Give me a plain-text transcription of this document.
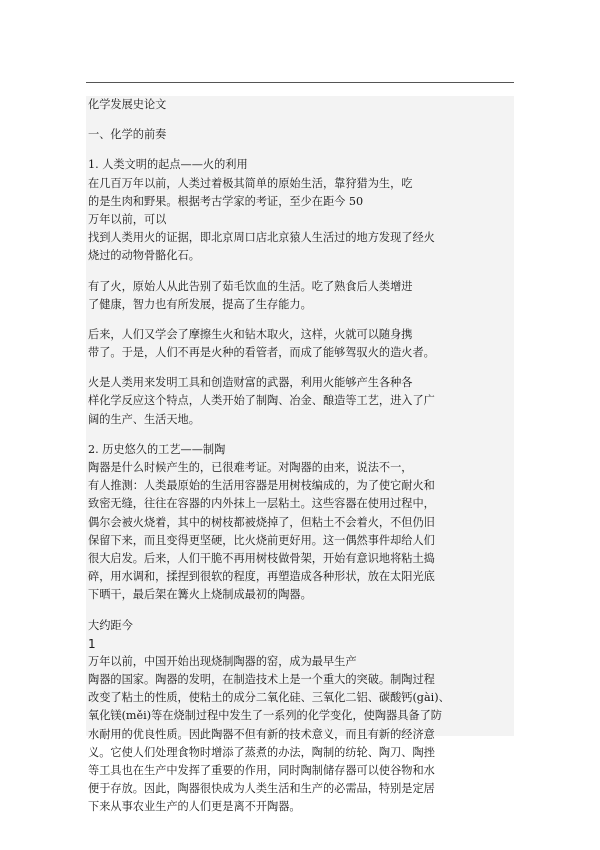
化学发展史论文
一、化学的前奏
1. 人类文明的起点——火的利用
在几百万年以前，人类过着极其简单的原始生活，靠狩猎为生，吃
的是生肉和野果。根据考古学家的考证，至少在距今 50
万年以前，可以
找到人类用火的证据，即北京周口店北京猿人生活过的地方发现了经火
烧过的动物骨骼化石。
有了火，原始人从此告别了茹毛饮血的生活。吃了熟食后人类增进
了健康，智力也有所发展，提高了生存能力。
后来，人们又学会了摩擦生火和钻木取火，这样，火就可以随身携
带了。于是，人们不再是火种的看管者，而成了能够驾驭火的造火者。
火是人类用来发明工具和创造财富的武器，利用火能够产生各种各
样化学反应这个特点，人类开始了制陶、冶金、酿造等工艺，进入了广
阔的生产、生活天地。
2. 历史悠久的工艺——制陶
陶器是什么时候产生的，已很难考证。对陶器的由来，说法不一，
有人推测：人类最原始的生活用容器是用树枝编成的，为了使它耐火和
致密无缝，往往在容器的内外抹上一层粘土。这些容器在使用过程中，
偶尔会被火烧着，其中的树枝都被烧掉了，但粘土不会着火，不但仍旧
保留下来，而且变得更坚硬，比火烧前更好用。这一偶然事件却给人们
很大启发。后来，人们干脆不再用树枝做骨架，开始有意识地将粘土捣
碎，用水调和，揉捏到很软的程度，再塑造成各种形状，放在太阳光底
下晒干，最后架在篝火上烧制成最初的陶器。
大约距今
1
万年以前，中国开始出现烧制陶器的窑，成为最早生产
陶器的国家。陶器的发明，在制造技术上是一个重大的突破。制陶过程
改变了粘土的性质，使粘土的成分二氧化硅、三氧化二铝、碳酸钙(gài)、
氧化镁(měi)等在烧制过程中发生了一系列的化学变化，使陶器具备了防
水耐用的优良性质。因此陶器不但有新的技术意义，而且有新的经济意
义。它使人们处理食物时增添了蒸煮的办法，陶制的纺轮、陶刀、陶挫
等工具也在生产中发挥了重要的作用，同时陶制储存器可以使谷物和水
便于存放。因此，陶器很快成为人类生活和生产的必需品，特别是定居
下来从事农业生产的人们更是离不开陶器。
